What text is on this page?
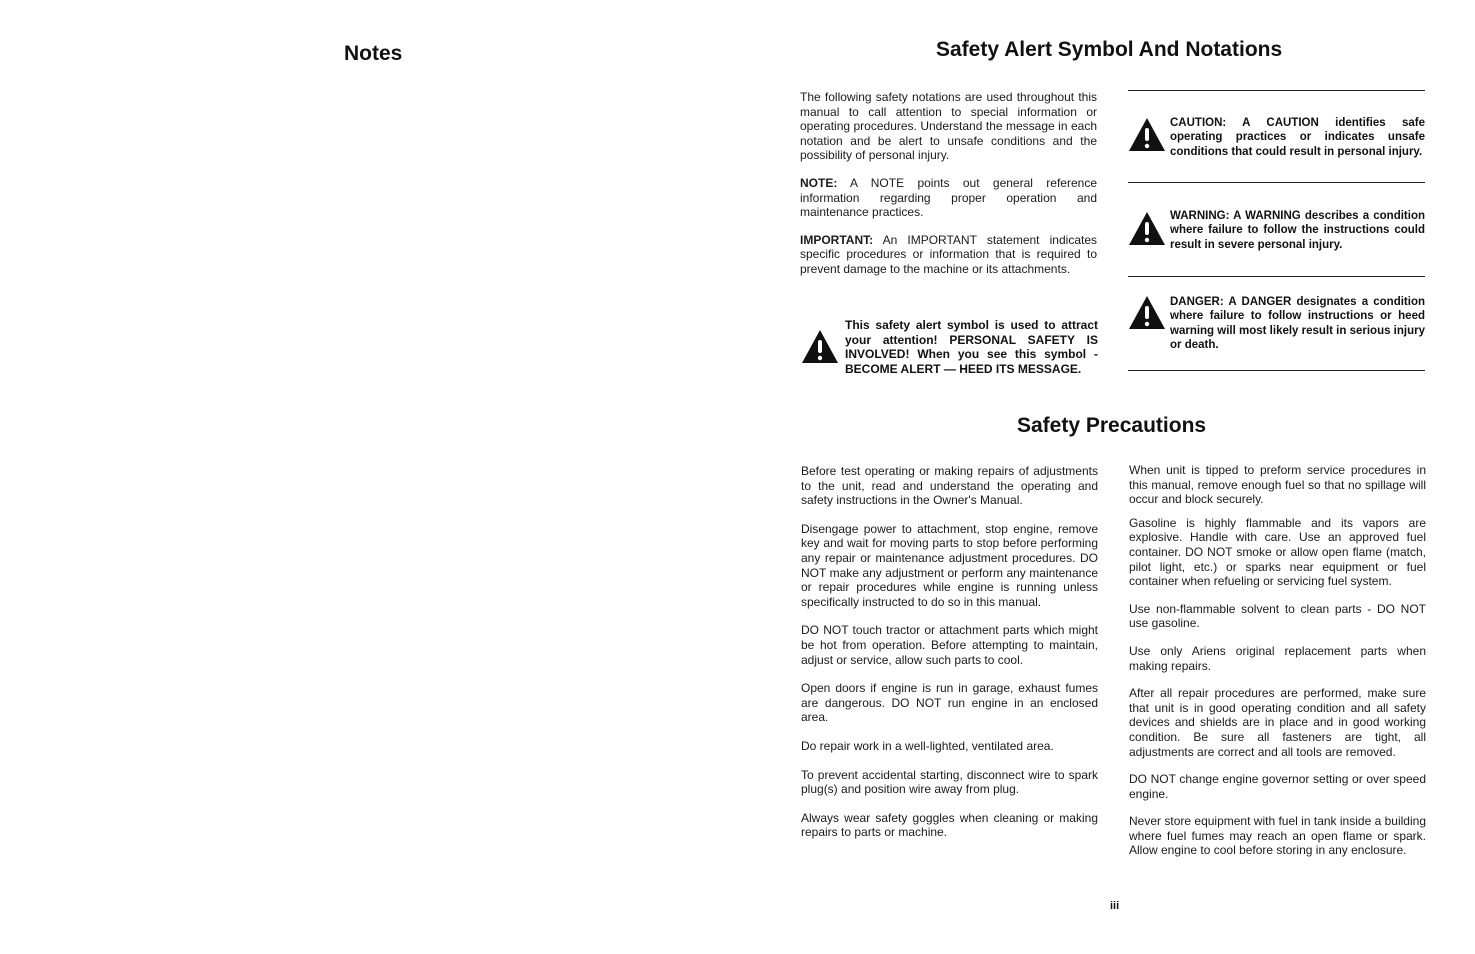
Notes	Safety Alert Symbol And Notations

The following safety notations are used throughout this manual to call attention to special information or operating procedures. Understand the message in each notation and be alert to unsafe conditions and the possibility of personal injury.

NOTE: A NOTE points out general reference information regarding proper operation and maintenance practices.

IMPORTANT: An IMPORTANT statement indicates specific procedures or information that is required to prevent damage to the machine or its attachments.

This safety alert symbol is used to attract your attention! PERSONAL SAFETY IS INVOLVED! When you see this symbol - BECOME ALERT — HEED ITS MESSAGE.

CAUTION: A CAUTION identifies safe operating practices or indicates unsafe conditions that could result in personal injury.

WARNING: A WARNING describes a condition where failure to follow the instructions could result in severe personal injury.

DANGER: A DANGER designates a condition where failure to follow instructions or heed warning will most likely result in serious injury or death.

Safety Precautions

Before test operating or making repairs of adjustments to the unit, read and understand the operating and safety instructions in the Owner's Manual.

Disengage power to attachment, stop engine, remove key and wait for moving parts to stop before performing any repair or maintenance adjustment procedures. DO NOT make any adjustment or perform any maintenance or repair procedures while engine is running unless specifically instructed to do so in this manual.

DO NOT touch tractor or attachment parts which might be hot from operation. Before attempting to maintain, adjust or service, allow such parts to cool.

Open doors if engine is run in garage, exhaust fumes are dangerous. DO NOT run engine in an enclosed area.

Do repair work in a well-lighted, ventilated area.

To prevent accidental starting, disconnect wire to spark plug(s) and position wire away from plug.

Always wear safety goggles when cleaning or making repairs to parts or machine.

When unit is tipped to preform service procedures in this manual, remove enough fuel so that no spillage will occur and block securely.

Gasoline is highly flammable and its vapors are explosive. Handle with care. Use an approved fuel container. DO NOT smoke or allow open flame (match, pilot light, etc.) or sparks near equipment or fuel container when refueling or servicing fuel system.

Use non-flammable solvent to clean parts - DO NOT use gasoline.

Use only Ariens original replacement parts when making repairs.

After all repair procedures are performed, make sure that unit is in good operating condition and all safety devices and shields are in place and in good working condition. Be sure all fasteners are tight, all adjustments are correct and all tools are removed.

DO NOT change engine governor setting or over speed engine.

Never store equipment with fuel in tank inside a building where fuel fumes may reach an open flame or spark. Allow engine to cool before storing in any enclosure.

iii
